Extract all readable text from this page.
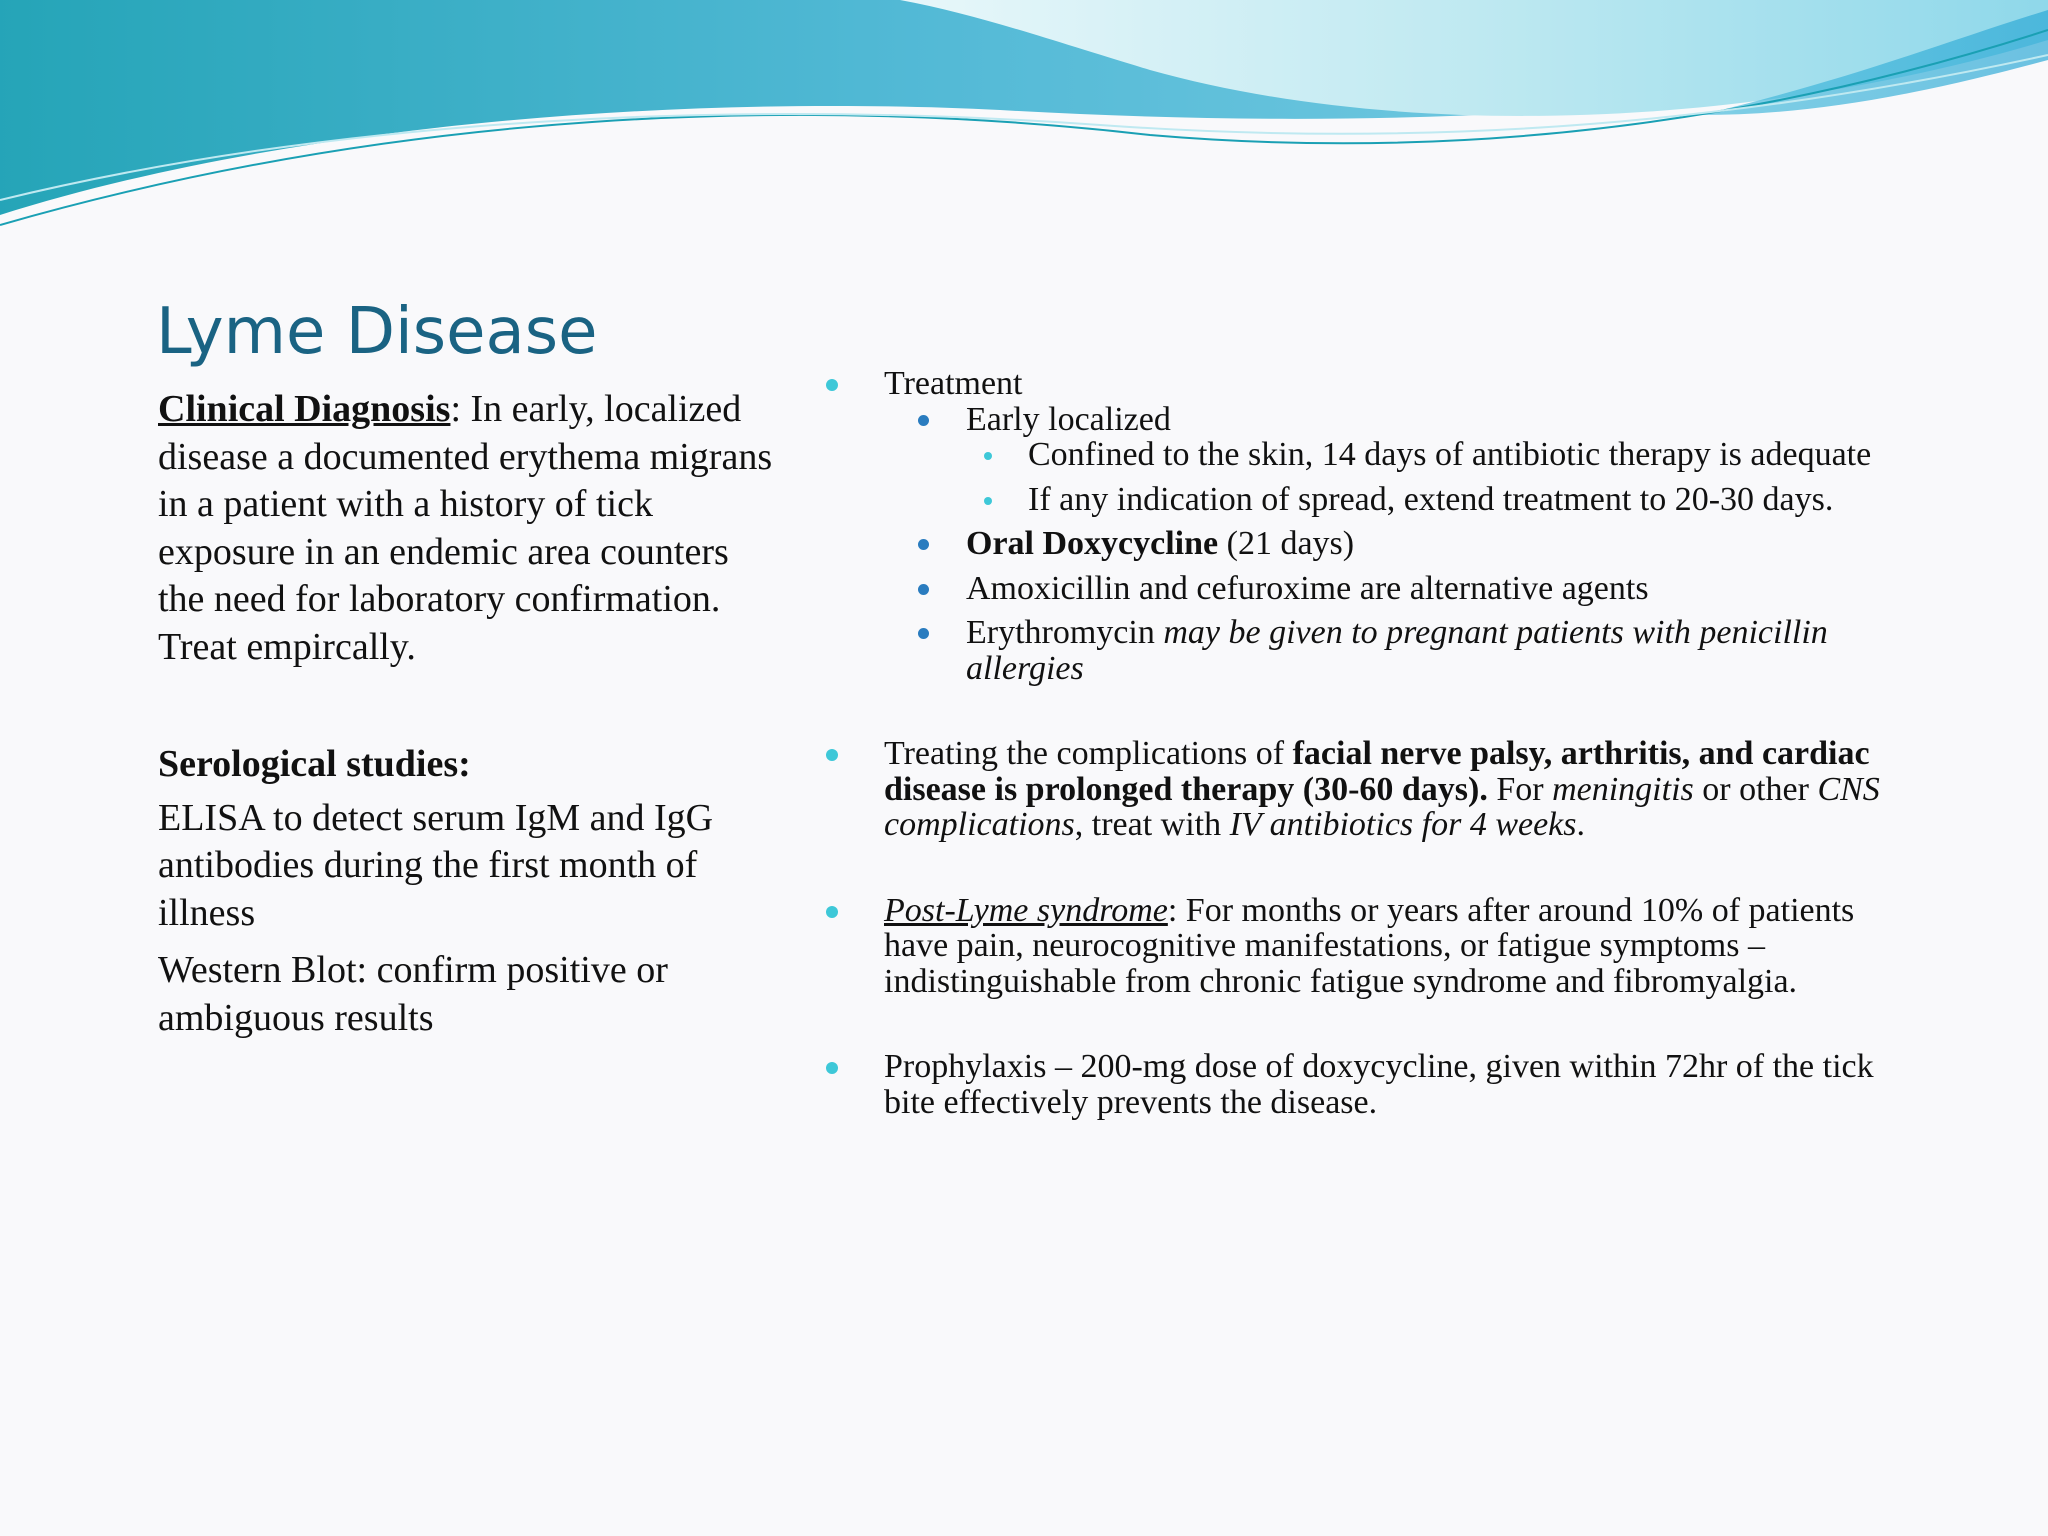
Lyme Disease

Clinical Diagnosis: In early, localized disease a documented erythema migrans in a patient with a history of tick exposure in an endemic area counters the need for laboratory confirmation. Treat empircally.

Serological studies:

ELISA to detect serum IgM and IgG antibodies during the first month of illness

Western Blot: confirm positive or ambiguous results

Treatment
Early localized
Confined to the skin, 14 days of antibiotic therapy is adequate
If any indication of spread, extend treatment to 20-30 days.
Oral Doxycycline (21 days)
Amoxicillin and cefuroxime are alternative agents
Erythromycin may be given to pregnant patients with penicillin allergies
Treating the complications of facial nerve palsy, arthritis, and cardiac disease is prolonged therapy (30-60 days). For meningitis or other CNS complications, treat with IV antibiotics for 4 weeks.
Post-Lyme syndrome: For months or years after around 10% of patients have pain, neurocognitive manifestations, or fatigue symptoms – indistinguishable from chronic fatigue syndrome and fibromyalgia.
Prophylaxis – 200-mg dose of doxycycline, given within 72hr of the tick bite effectively prevents the disease.
